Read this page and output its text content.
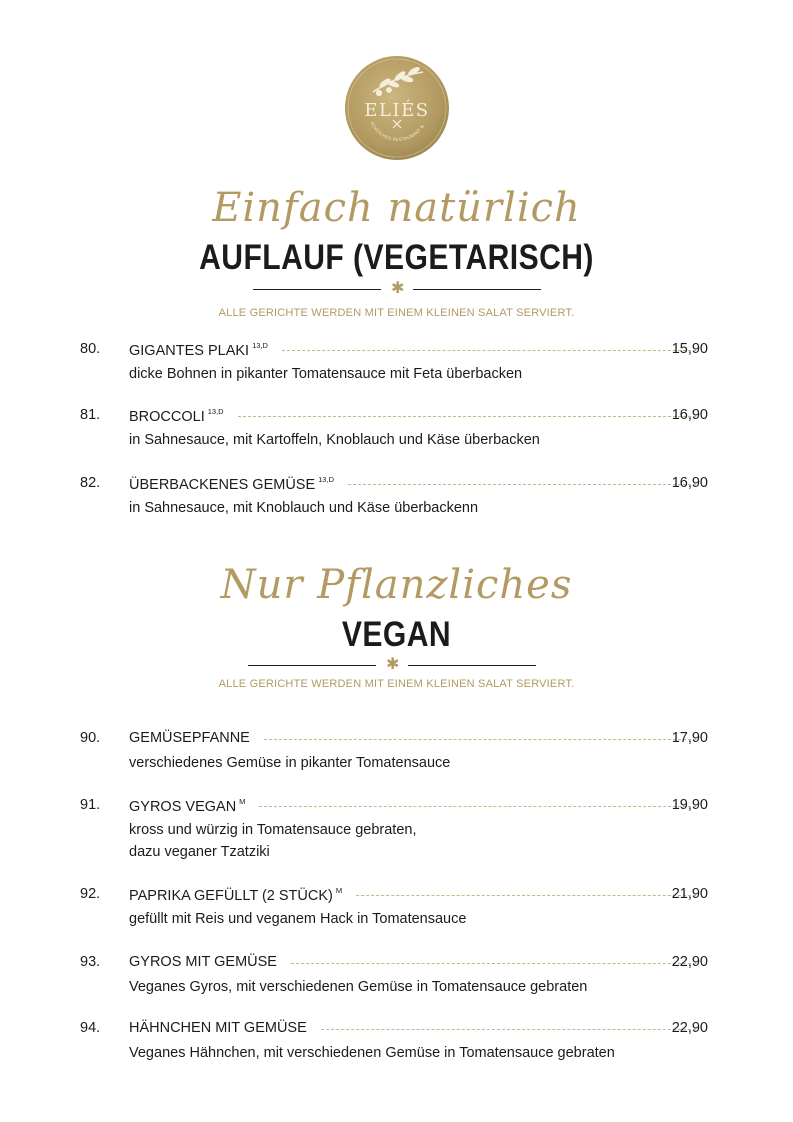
ELIÉS
ECHISCHES RESTAURANT &
Einfach natürlich
AUFLAUF (VEGETARISCH)
✱
ALLE GERICHTE WERDEN MIT EINEM KLEINEN SALAT SERVIERT.
80. GIGANTES PLAKI $^{13,D}$	15,90
dicke Bohnen in pikanter Tomatensauce mit Feta überbacken
81. BROCCOLI $^{13,D}$	16,90
in Sahnesauce, mit Kartoffeln, Knoblauch und Käse überbacken
82. ÜBERBACKENES GEMÜSE $^{13,D}$	16,90
in Sahnesauce, mit Knoblauch und Käse überbackenn
Nur Pflanzliches
VEGAN
✱
ALLE GERICHTE WERDEN MIT EINEM KLEINEN SALAT SERVIERT.
90. GEMÜSEPFANNE	17,90
verschiedenes Gemüse in pikanter Tomatensauce
91. GYROS VEGAN $^M$	19,90
kross und würzig in Tomatensauce gebraten,
dazu veganer Tzatziki
92. PAPRIKA GEFÜLLT (2 STÜCK) $^M$	21,90
gefüllt mit Reis und veganem Hack in Tomatensauce
93. GYROS MIT GEMÜSE	22,90
Veganes Gyros, mit verschiedenen Gemüse in Tomatensauce gebraten
94. HÄHNCHEN MIT GEMÜSE	22,90
Veganes Hähnchen, mit verschiedenen Gemüse in Tomatensauce gebraten
